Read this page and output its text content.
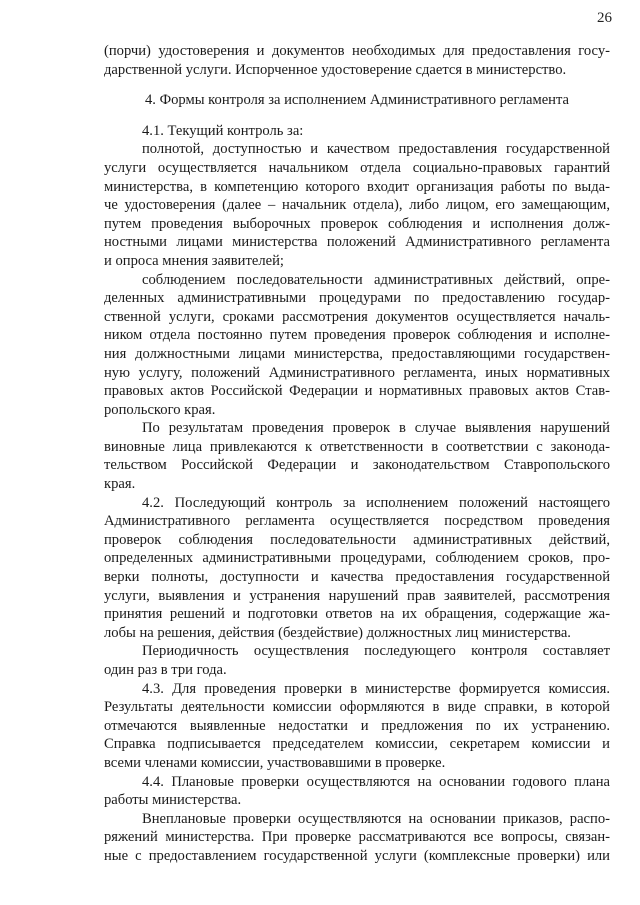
26
(порчи) удостоверения и документов необходимых для предоставления госу-
дарственной услуги. Испорченное удостоверение сдается в министерство.
4. Формы контроля за исполнением Административного регламента
4.1. Текущий контроль за:
полнотой, доступностью и качеством предоставления государственной
услуги осуществляется начальником отдела социально-правовых гарантий
министерства, в компетенцию которого входит организация работы по выда-
че удостоверения (далее – начальник отдела), либо лицом, его замещающим,
путем проведения выборочных проверок соблюдения и исполнения долж-
ностными лицами министерства положений Административного регламента
и опроса мнения заявителей;
соблюдением последовательности административных действий, опре-
деленных административными процедурами по предоставлению государ-
ственной услуги, сроками рассмотрения документов осуществляется началь-
ником отдела постоянно путем проведения проверок соблюдения и исполне-
ния должностными лицами министерства, предоставляющими государствен-
ную услугу, положений Административного регламента, иных нормативных
правовых актов Российской Федерации и нормативных правовых актов Став-
ропольского края.
По результатам проведения проверок в случае выявления нарушений
виновные лица привлекаются к ответственности в соответствии с законода-
тельством Российской Федерации и законодательством Ставропольского
края.
4.2. Последующий контроль за исполнением положений настоящего
Административного регламента осуществляется посредством проведения
проверок соблюдения последовательности административных действий,
определенных административными процедурами, соблюдением сроков, про-
верки полноты, доступности и качества предоставления государственной
услуги, выявления и устранения нарушений прав заявителей, рассмотрения
принятия решений и подготовки ответов на их обращения, содержащие жа-
лобы на решения, действия (бездействие) должностных лиц министерства.
Периодичность осуществления последующего контроля составляет
один раз в три года.
4.3. Для проведения проверки в министерстве формируется комиссия.
Результаты деятельности комиссии оформляются в виде справки, в которой
отмечаются выявленные недостатки и предложения по их устранению.
Справка подписывается председателем комиссии, секретарем комиссии и
всеми членами комиссии, участвовавшими в проверке.
4.4. Плановые проверки осуществляются на основании годового плана
работы министерства.
Внеплановые проверки осуществляются на основании приказов, распо-
ряжений министерства. При проверке рассматриваются все вопросы, связан-
ные с предоставлением государственной услуги (комплексные проверки) или
